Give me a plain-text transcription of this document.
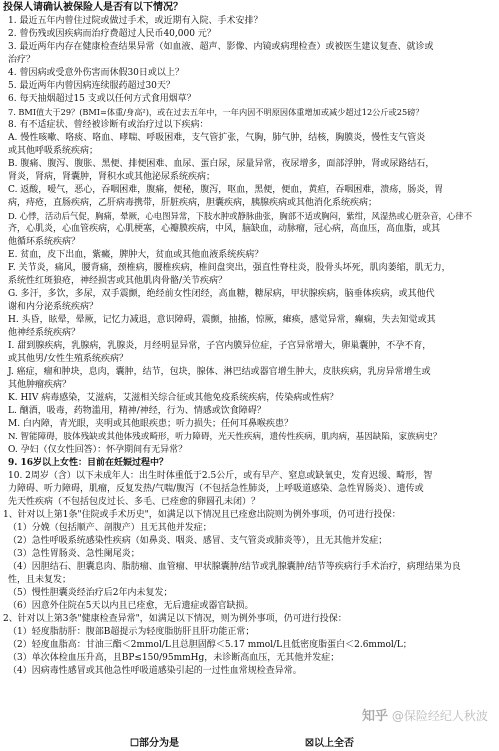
投保人请确认被保险人是否有以下情况？
1. 最近五年内曾住过院或做过手术，或近期有入院、手术安排？
2. 曾伤残或因疾病而治疗费超过人民币40,000 元？
3. 最近两年内存在健康检查结果异常（如血液、超声、影像、内镜或病理检查）或被医生建议复查、就诊或
治疗？
4. 曾因病或受意外伤害而休假30日或以上？
5. 最近两年内曾因病连续服药超过30天？
6. 每天抽烟超过15 支或以任何方式食用烟草？
7. BMI值大于29？(BMI=体重/身高²)，或在过去五年中，一年内因不明原因体重增加或减少超过12公斤或25磅？
8. 有不适症状、曾经被诊断有或治疗过以下疾病：
A. 慢性咳嗽、咯痰、咯血、哮喘、呼吸困难，支气管扩张，气胸，肺气肿，结核，胸膜炎，慢性支气管炎
或其他呼吸系统疾病；
B. 腹痛、腹泻、腹胀、黑便、排便困难、血尿、蛋白尿，尿量异常，夜尿增多，面部浮肿，肾或尿路结石，
肾炎，肾病，肾囊肿，肾积水或其他泌尿系统疾病；
C. 返酸，嗳气，恶心，吞咽困难，腹痛，便秘，腹泻，呕血，黑便，便血，黄疸，吞咽困难，溃疡，肠炎，胃
病，痔疮，直肠疾病，乙肝病毒携带，肝脏疾病，胆囊疾病，胰腺疾病或其他消化系统疾病；
D. 心悸，活动后气促，胸痛，晕厥，心电图异常，下肢水肿或静脉曲张，胸部不适或胸闷，紫绀，风湿热或心脏杂音，心律不
齐，心肌炎，心血管疾病，心肌梗塞，心瓣膜疾病，中风，脑缺血，动脉瘤，冠心病，高血压，高血脂，或其
他循环系统疾病？
E. 贫血，皮下出血，紫癜，脾肿大，贫血或其他血液系统疾病？
F. 关节炎，痛风，腰背痛，颈椎病，腰椎疾病，椎间盘突出，强直性脊柱炎，股骨头坏死，肌肉萎缩，肌无力，
系统性红斑狼疮，神经损害或其他肌肉骨骼/关节疾病？
G. 多汗，多饮，多尿，双手震颤，绝经前女性闭经，高血糖，糖尿病，甲状腺疾病，脑垂体疾病，或其他代
谢和内分泌系统疾病？
H. 头昏，眩晕，晕厥，记忆力减退，意识障碍，震颤，抽搐，惊厥，瘫痪，感觉异常，癫痫，失去知觉或其
他神经系统疾病？
I. 甜到腺疾病，乳腺病，乳腺炎，月经明显异常，子宫内膜异位症，子宫异常增大，卵巢囊肿，不孕不育，
或其他男/女性生殖系统疾病？
J. 癌症，瘤和肿块，息肉，囊肿，结节，包块，腺体、淋巴结或器官增生肿大，皮肤疾病，乳房异常增生或
其他肿瘤疾病？
K. HIV 病毒感染，艾滋病，艾滋相关综合征或其他免疫系统疾病，传染病或性病？
L. 酗酒，吸毒，药物滥用，精神/神经，行为、情感或饮食障碍？
M. 白内障，青光眼，夹明或其他眼疾患；听力损失；任何耳鼻喉疾患？
N. 智能障碍，肢体残缺或其他体残或畸形，听力障碍，光天性疾病，遗传性疾病，肌肉病，基因缺陷，家族病史？
O. 孕妇（仅女性回答）：怀孕期间有无异常？
9. 16岁以上女性：目前在妊娠过程中？
10. 2周岁（含）以下未成年人：出生时体重低于2.5公斤，或有早产、窒息或缺氧史，发育迟缓、畸形，智
力障碍、听力障碍，肌瘤，反复发热/气喘/腹泻（不包括急性肺炎，上呼吸道感染、急性胃肠炎）、遗传或
先天性疾病（不包括包皮过长、多毛、已痊愈的卵圆孔未闭）？
1、针对以上第1条"住院或手术历史"，如满足以下情况且已痊愈出院则为例外事项，仍可进行投保：
（1）分娩（包括顺产、剖腹产）且无其他并发症；
（2）急性呼吸系统感染性疾病（如鼻炎、咽炎、感冒、支气管炎或肺炎等），且无其他并发症；
（3）急性胃肠炎、急性阑尾炎；
（4）因胆结石、胆囊息肉、脂肪瘤、血管瘤、甲状腺囊肿/结节或乳腺囊肿/结节等疾病行手术治疗，病理结果为良
性，且未复发；
（5）慢性胆囊炎经治疗后2年内未复发；
（6）因意外住院在5天以内且已痊愈，无后遗症或器官缺损。
2、针对以上第3条"健康检查异常"，如满足以下情况，则为例外事项，仍可进行投保：
（1）轻度脂肪肝：腹部B超提示为轻度脂肪肝且肝功能正常；
（2）轻度血脂高：甘油三酯＜2mmol/L且总胆固醇＜5.17 mmol/L且低密度脂蛋白＜2.6mmol/L；
（3）单次体检血压升高，且BP≤150/95mmHg，未诊断高血压，无其他并发症；
（4）因病毒性感冒或其他急性呼吸道感染引起的一过性血常规检查异常。
知乎 @保险经纪人秋波
☐部分为是	☒以上全否
